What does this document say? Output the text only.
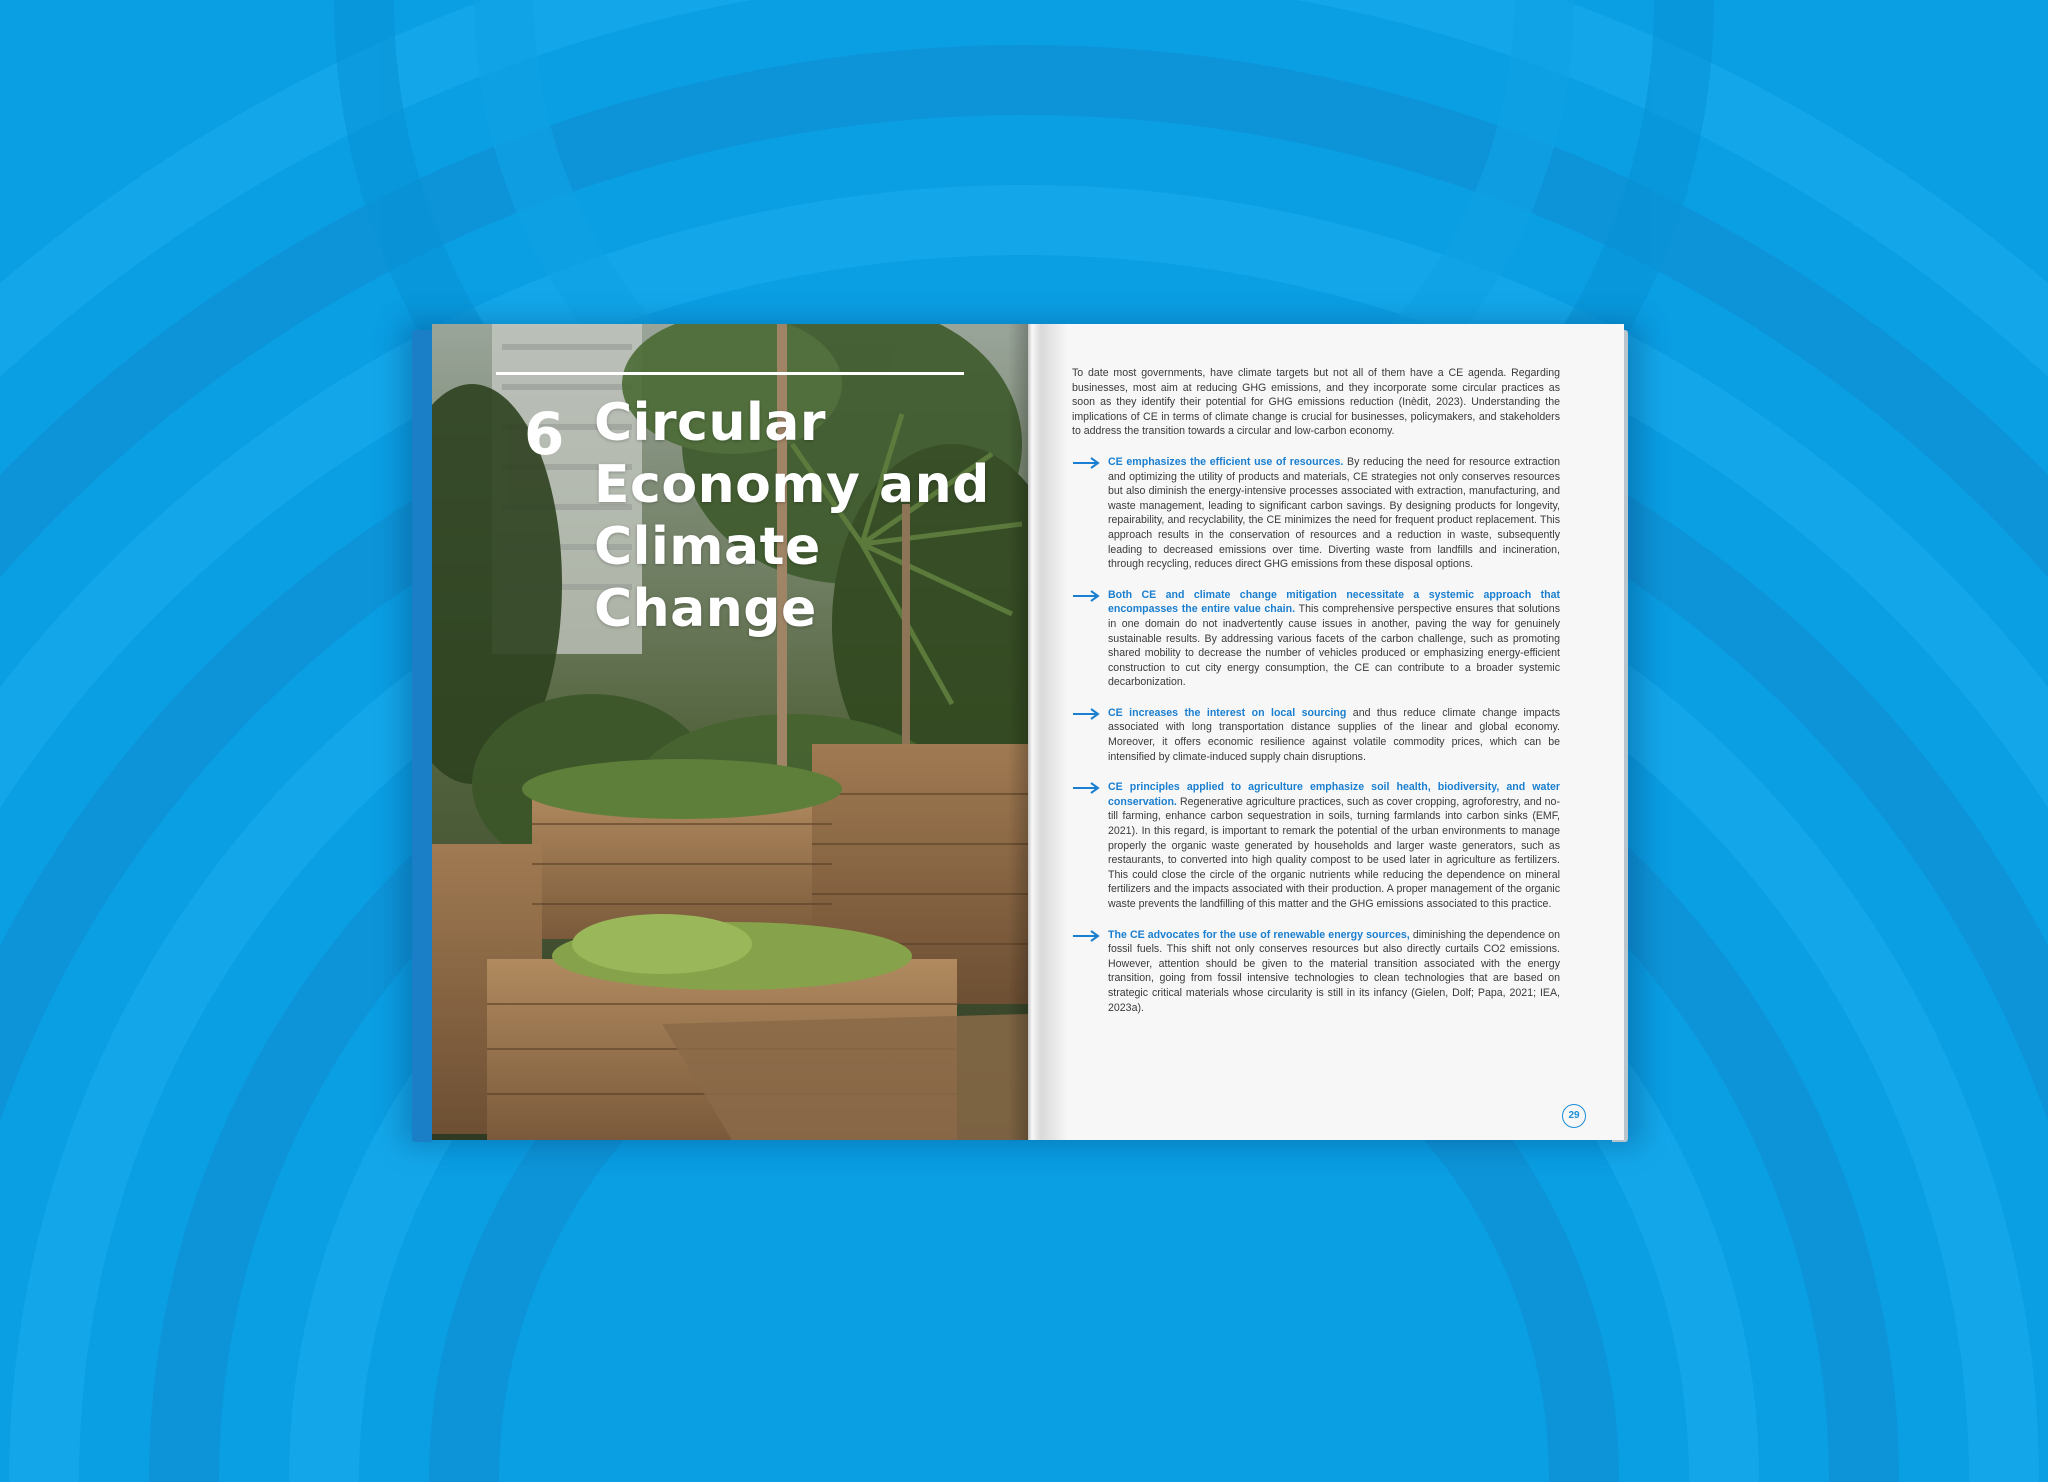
6 Circular Economy and Climate Change

To date most governments, have climate targets but not all of them have a CE agenda. Regarding businesses, most aim at reducing GHG emissions, and they incorporate some circular practices as soon as they identify their potential for GHG emissions reduction (Inèdit, 2023). Understanding the implications of CE in terms of climate change is crucial for businesses, policymakers, and stakeholders to address the transition towards a circular and low-carbon economy.

CE emphasizes the efficient use of resources. By reducing the need for resource extraction and optimizing the utility of products and materials, CE strategies not only conserves resources but also diminish the energy-intensive processes associated with extraction, manufacturing, and waste management, leading to significant carbon savings. By designing products for longevity, repairability, and recyclability, the CE minimizes the need for frequent product replacement. This approach results in the conservation of resources and a reduction in waste, subsequently leading to decreased emissions over time. Diverting waste from landfills and incineration, through recycling, reduces direct GHG emissions from these disposal options.
Both CE and climate change mitigation necessitate a systemic approach that encompasses the entire value chain. This comprehensive perspective ensures that solutions in one domain do not inadvertently cause issues in another, paving the way for genuinely sustainable results. By addressing various facets of the carbon challenge, such as promoting shared mobility to decrease the number of vehicles produced or emphasizing energy-efficient construction to cut city energy consumption, the CE can contribute to a broader systemic decarbonization.
CE increases the interest on local sourcing and thus reduce climate change impacts associated with long transportation distance supplies of the linear and global economy. Moreover, it offers economic resilience against volatile commodity prices, which can be intensified by climate-induced supply chain disruptions.
CE principles applied to agriculture emphasize soil health, biodiversity, and water conservation. Regenerative agriculture practices, such as cover cropping, agroforestry, and no-till farming, enhance carbon sequestration in soils, turning farmlands into carbon sinks (EMF, 2021). In this regard, is important to remark the potential of the urban environments to manage properly the organic waste generated by households and larger waste generators, such as restaurants, to converted into high quality compost to be used later in agriculture as fertilizers. This could close the circle of the organic nutrients while reducing the dependence on mineral fertilizers and the impacts associated with their production. A proper management of the organic waste prevents the landfilling of this matter and the GHG emissions associated to this practice.
The CE advocates for the use of renewable energy sources, diminishing the dependence on fossil fuels. This shift not only conserves resources but also directly curtails CO2 emissions. However, attention should be given to the material transition associated with the energy transition, going from fossil intensive technologies to clean technologies that are based on strategic critical materials whose circularity is still in its infancy (Gielen, Dolf; Papa, 2021; IEA, 2023a).
29
